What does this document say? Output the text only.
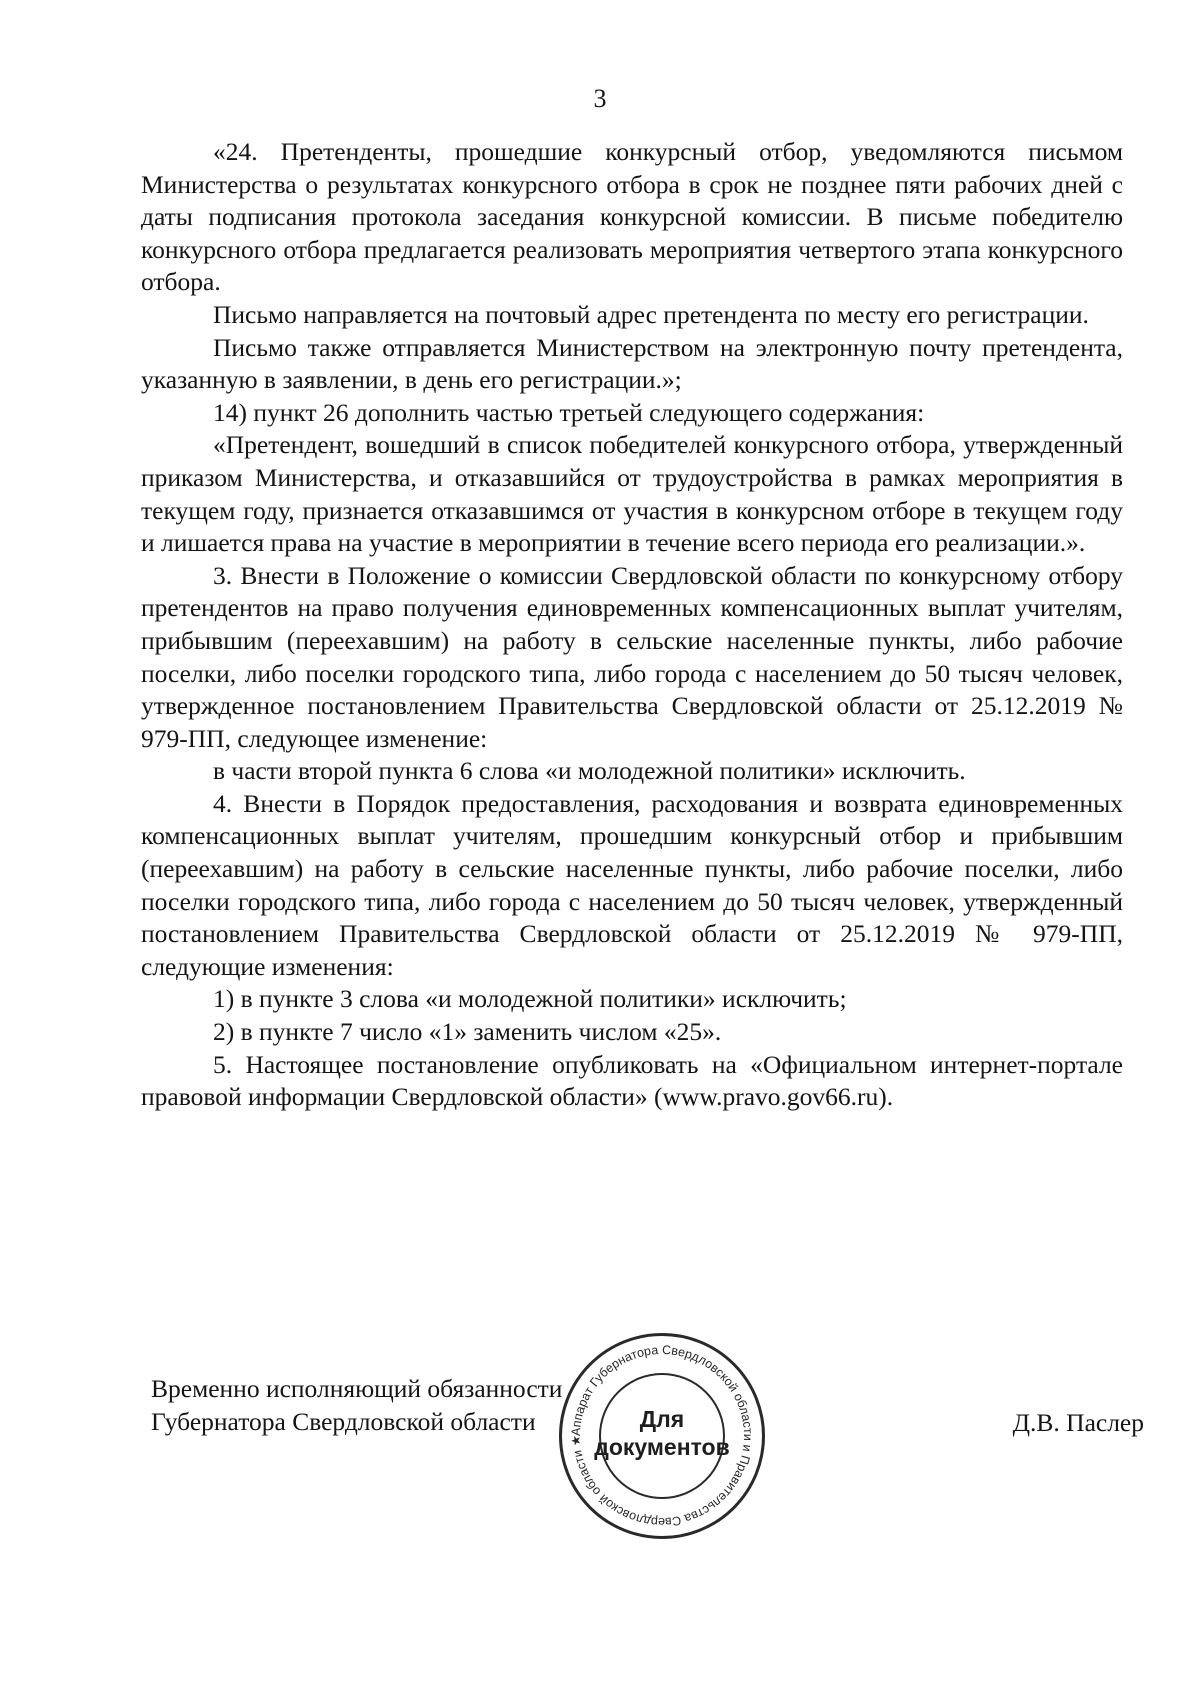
3

«24. Претенденты, прошедшие конкурсный отбор, уведомляются письмом Министерства о результатах конкурсного отбора в срок не позднее пяти рабочих дней с даты подписания протокола заседания конкурсной комиссии. В письме победителю конкурсного отбора предлагается реализовать мероприятия четвертого этапа конкурсного отбора.

Письмо направляется на почтовый адрес претендента по месту его регистрации.

Письмо также отправляется Министерством на электронную почту претендента, указанную в заявлении, в день его регистрации.»;

14) пункт 26 дополнить частью третьей следующего содержания:

«Претендент, вошедший в список победителей конкурсного отбора, утвержденный приказом Министерства, и отказавшийся от трудоустройства в рамках мероприятия в текущем году, признается отказавшимся от участия в конкурсном отборе в текущем году и лишается права на участие в мероприятии в течение всего периода его реализации.».

3. Внести в Положение о комиссии Свердловской области по конкурсному отбору претендентов на право получения единовременных компенсационных выплат учителям, прибывшим (переехавшим) на работу в сельские населенные пункты, либо рабочие поселки, либо поселки городского типа, либо города с населением до 50 тысяч человек, утвержденное постановлением Правительства Свердловской области от 25.12.2019 № 979-ПП, следующее изменение:

в части второй пункта 6 слова «и молодежной политики» исключить.

4. Внести в Порядок предоставления, расходования и возврата единовременных компенсационных выплат учителям, прошедшим конкурсный отбор и прибывшим (переехавшим) на работу в сельские населенные пункты, либо рабочие поселки, либо поселки городского типа, либо города с населением до 50 тысяч человек, утвержденный постановлением Правительства Свердловской области от 25.12.2019 № 979-ПП, следующие изменения:

1) в пункте 3 слова «и молодежной политики» исключить;

2) в пункте 7 число «1» заменить числом «25».

5. Настоящее постановление опубликовать на «Официальном интернет-портале правовой информации Свердловской области» (www.pravo.gov66.ru).

Временно исполняющий обязанности
Губернатора Свердловской области	Аппарат Губернатора Свердловской области и Правительства Свердловской области ★
Для
документов
Д.В. Паслер
